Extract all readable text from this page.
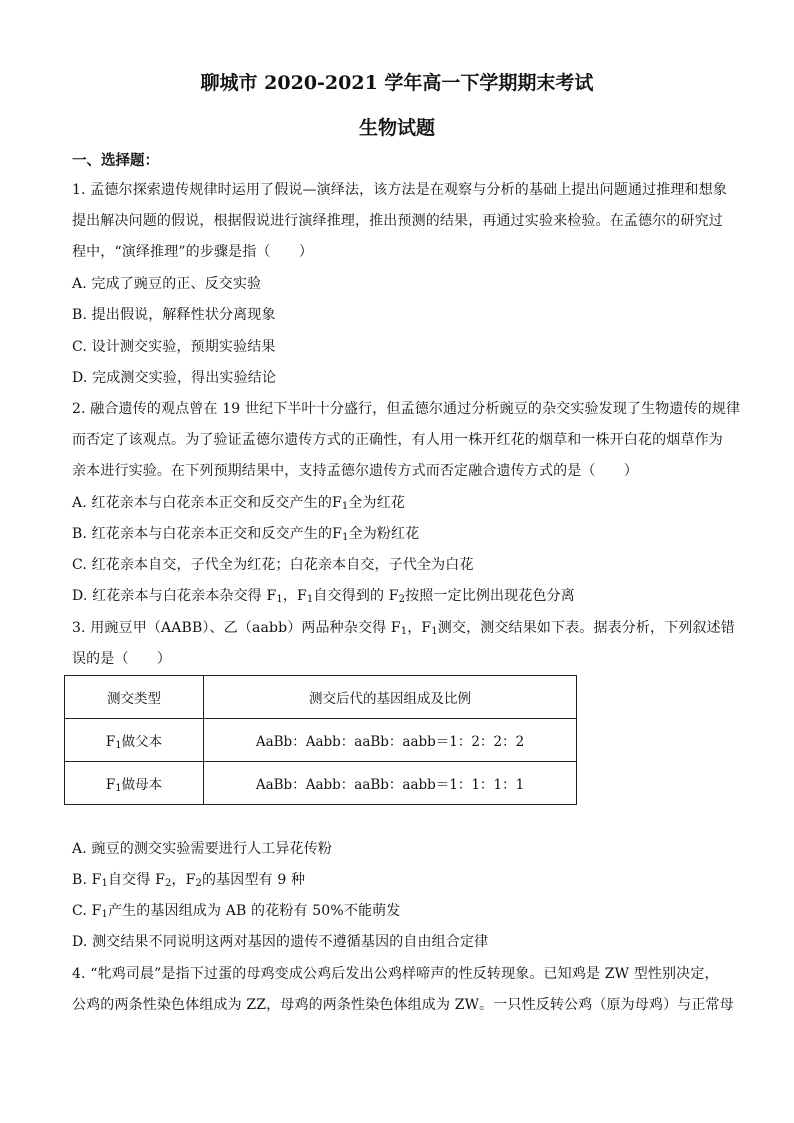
聊城市 2020-2021 学年高一下学期期末考试
生物试题
一、选择题：
1. 孟德尔探索遗传规律时运用了假说—演绎法，该方法是在观察与分析的基础上提出问题通过推理和想象
提出解决问题的假说，根据假说进行演绎推理，推出预测的结果，再通过实验来检验。在孟德尔的研究过
程中，“演绎推理”的步骤是指（　　）
A. 完成了豌豆的正、反交实验
B. 提出假说，解释性状分离现象
C. 设计测交实验，预期实验结果
D. 完成测交实验，得出实验结论
2. 融合遗传的观点曾在 19 世纪下半叶十分盛行，但孟德尔通过分析豌豆的杂交实验发现了生物遗传的规律
而否定了该观点。为了验证孟德尔遗传方式的正确性，有人用一株开红花的烟草和一株开白花的烟草作为
亲本进行实验。在下列预期结果中，支持孟德尔遗传方式而否定融合遗传方式的是（　　）
A. 红花亲本与白花亲本正交和反交产生的$F_1$全为红花
B. 红花亲本与白花亲本正交和反交产生的$F_1$全为粉红花
C. 红花亲本自交，子代全为红花；白花亲本自交，子代全为白花
D. 红花亲本与白花亲本杂交得 $F_1$，$F_1$自交得到的 $F_2$按照一定比例出现花色分离
3. 用豌豆甲（AABB）、乙（aabb）两品种杂交得 $F_1$，$F_1$测交，测交结果如下表。据表分析，下列叙述错
误的是（　　）
测交类型	测交后代的基因组成及比例
$F_1$做父本	AaBb：Aabb：aaBb：aabb＝1：2：2：2
$F_1$做母本	AaBb：Aabb：aaBb：aabb＝1：1：1：1
A. 豌豆的测交实验需要进行人工异花传粉
B. $F_1$自交得 $F_2$，$F_2$的基因型有 9 种
C. $F_1$产生的基因组成为 AB 的花粉有 50%不能萌发
D. 测交结果不同说明这两对基因的遗传不遵循基因的自由组合定律
4. “牝鸡司晨”是指下过蛋的母鸡变成公鸡后发出公鸡样啼声的性反转现象。已知鸡是 ZW 型性别决定，
公鸡的两条性染色体组成为 ZZ，母鸡的两条性染色体组成为 ZW。一只性反转公鸡（原为母鸡）与正常母
